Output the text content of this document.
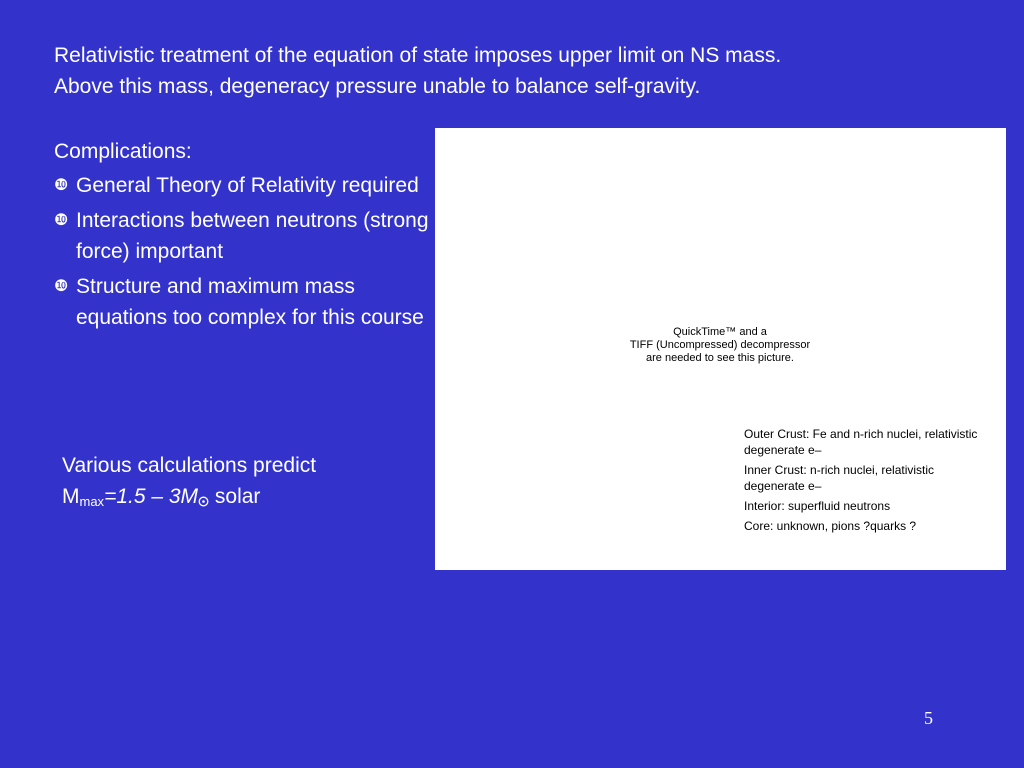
Relativistic treatment of the equation of state imposes upper limit on NS mass.

Above this mass, degeneracy pressure unable to balance self-gravity.

Complications:

❿ General Theory of Relativity required
❿ Interactions between neutrons (strong force) important
❿ Structure and maximum mass equations too complex for this course

Various calculations predict

$M_{max}=1.5 - 3M$ solar

QuickTime™ and a

TIFF (Uncompressed) decompressor

are needed to see this picture.

Outer Crust: Fe and n-rich nuclei, relativistic degenerate e–

Inner Crust: n-rich nuclei, relativistic degenerate e–

Interior: superfluid neutrons

Core: unknown, pions ?quarks ?

5
